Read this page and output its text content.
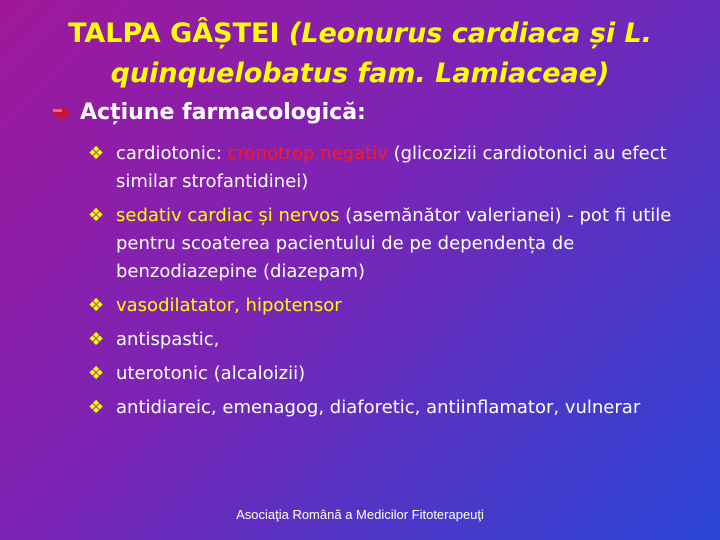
TALPA GÂȘTEI (Leonurus cardiaca și L. quinquelobatus fam. Lamiaceae)
Acțiune farmacologică:
❖ cardiotonic: cronotrop negativ (glicozizii cardiotonici au efect similar strofantidinei)
❖ sedativ cardiac și nervos (asemănător valerianei) - pot fi utile pentru scoaterea pacientului de pe dependența de benzodiazepine (diazepam)
❖ vasodilatator, hipotensor
❖ antispastic,
❖ uterotonic (alcaloizii)
❖ antidiareic, emenagog, diaforetic, antiinflamator, vulnerar
Asociaţia Română a Medicilor Fitoterapeuţi
